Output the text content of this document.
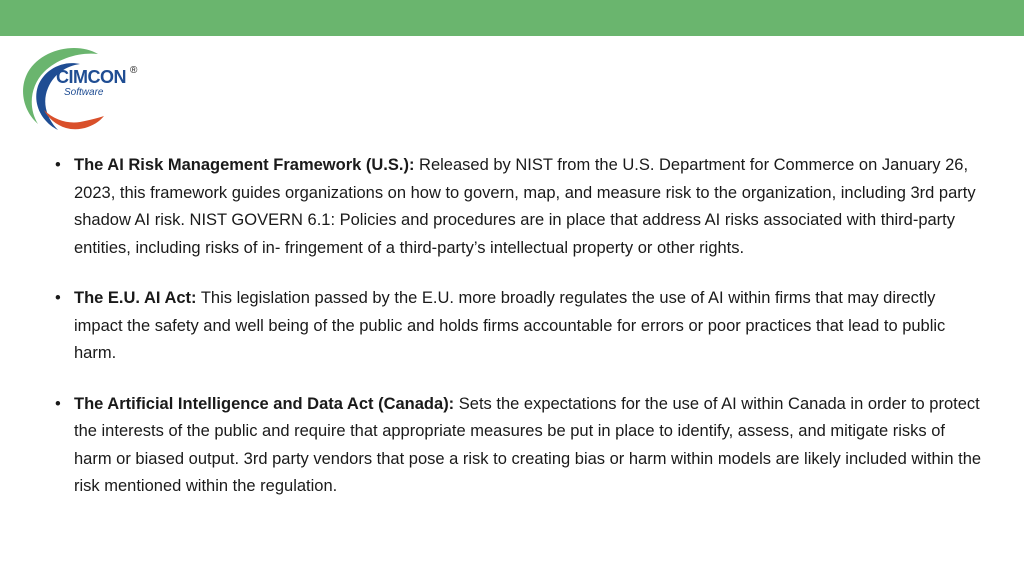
CIMCON ®
Software
• The AI Risk Management Framework (U.S.): Released by NIST from the U.S. Department for Commerce on January 26, 2023, this framework guides organizations on how to govern, map, and measure risk to the organization, including 3rd party shadow AI risk. NIST GOVERN 6.1: Policies and procedures are in place that address AI risks associated with third-party entities, including risks of in- fringement of a third-party’s intellectual property or other rights.
• The E.U. AI Act: This legislation passed by the E.U. more broadly regulates the use of AI within firms that may directly impact the safety and well being of the public and holds firms accountable for errors or poor practices that lead to public harm.
• The Artificial Intelligence and Data Act (Canada): Sets the expectations for the use of AI within Canada in order to protect the interests of the public and require that appropriate measures be put in place to identify, assess, and mitigate risks of harm or biased output. 3rd party vendors that pose a risk to creating bias or harm within models are likely included within the risk mentioned within the regulation.
